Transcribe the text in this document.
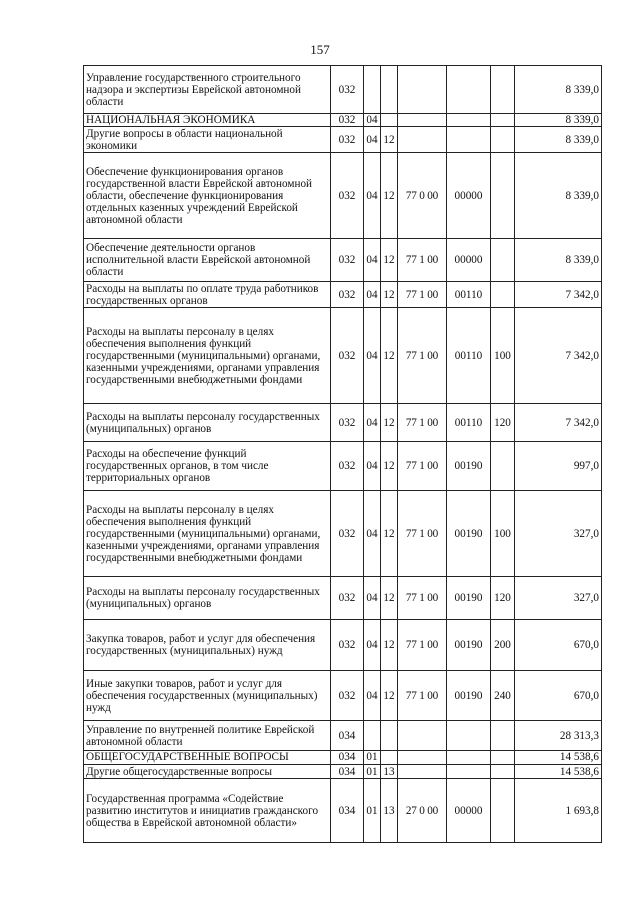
157
Управление государственного строительного надзора и экспертизы Еврейской автономной области	032						8 339,0
НАЦИОНАЛЬНАЯ ЭКОНОМИКА	032	04					8 339,0
Другие вопросы в области национальной экономики	032	04	12				8 339,0
Обеспечение функционирования органов государственной власти Еврейской автономной области, обеспечение функционирования отдельных казенных учреждений Еврейской автономной области	032	04	12	77 0 00	00000		8 339,0
Обеспечение деятельности органов исполнительной власти Еврейской автономной области	032	04	12	77 1 00	00000		8 339,0
Расходы на выплаты по оплате труда работников государственных органов	032	04	12	77 1 00	00110		7 342,0
Расходы на выплаты персоналу в целях обеспечения выполнения функций государственными (муниципальными) органами, казенными учреждениями, органами управления государственными внебюджетными фондами	032	04	12	77 1 00	00110	100	7 342,0
Расходы на выплаты персоналу государственных (муниципальных) органов	032	04	12	77 1 00	00110	120	7 342,0
Расходы на обеспечение функций государственных органов, в том числе территориальных органов	032	04	12	77 1 00	00190		997,0
Расходы на выплаты персоналу в целях обеспечения выполнения функций государственными (муниципальными) органами, казенными учреждениями, органами управления государственными внебюджетными фондами	032	04	12	77 1 00	00190	100	327,0
Расходы на выплаты персоналу государственных (муниципальных) органов	032	04	12	77 1 00	00190	120	327,0
Закупка товаров, работ и услуг для обеспечения государственных (муниципальных) нужд	032	04	12	77 1 00	00190	200	670,0
Иные закупки товаров, работ и услуг для обеспечения государственных (муниципальных) нужд	032	04	12	77 1 00	00190	240	670,0
Управление по внутренней политике Еврейской автономной области	034						28 313,3
ОБЩЕГОСУДАРСТВЕННЫЕ ВОПРОСЫ	034	01					14 538,6
Другие общегосударственные вопросы	034	01	13				14 538,6
Государственная программа «Содействие развитию институтов и инициатив гражданского общества в Еврейской автономной области»	034	01	13	27 0 00	00000		1 693,8
